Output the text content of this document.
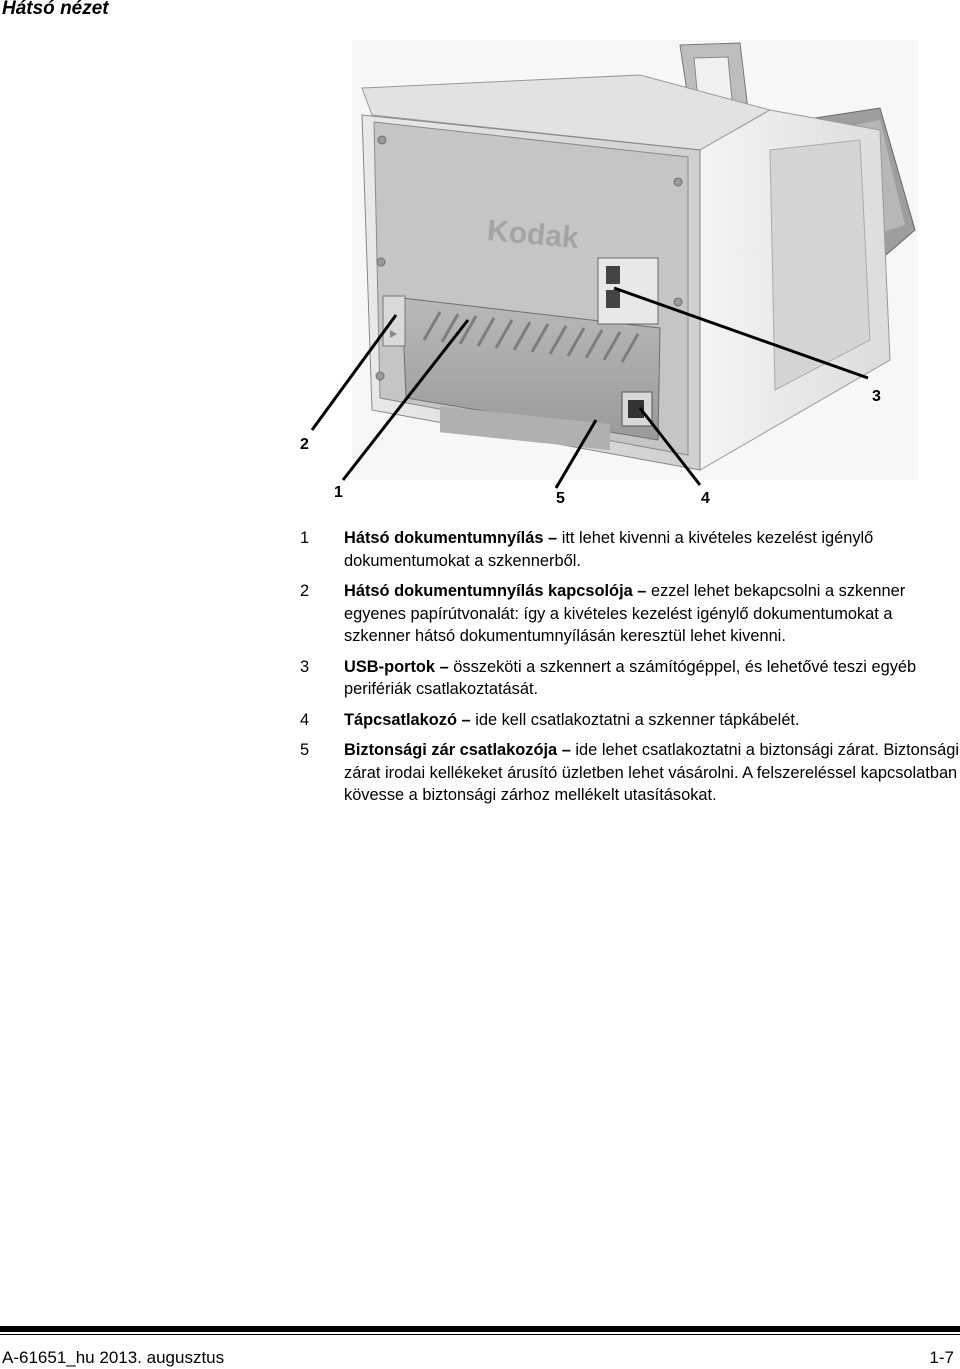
Hátsó nézet
Kodak
2
1	5	4
3
1 Hátsó dokumentumnyílás – itt lehet kivenni a kivételes kezelést igénylő dokumentumokat a szkennerből.
2 Hátsó dokumentumnyílás kapcsolója – ezzel lehet bekapcsolni a szkenner egyenes papírútvonalát: így a kivételes kezelést igénylő dokumentumokat a szkenner hátsó dokumentumnyílásán keresztül lehet kivenni.
3 USB-portok – összeköti a szkennert a számítógéppel, és lehetővé teszi egyéb perifériák csatlakoztatását.
4 Tápcsatlakozó – ide kell csatlakoztatni a szkenner tápkábelét.
5 Biztonsági zár csatlakozója – ide lehet csatlakoztatni a biztonsági zárat. Biztonsági zárat irodai kellékeket árusító üzletben lehet vásárolni. A felszereléssel kapcsolatban kövesse a biztonsági zárhoz mellékelt utasításokat.
A-61651_hu 2013. augusztus	1-7
